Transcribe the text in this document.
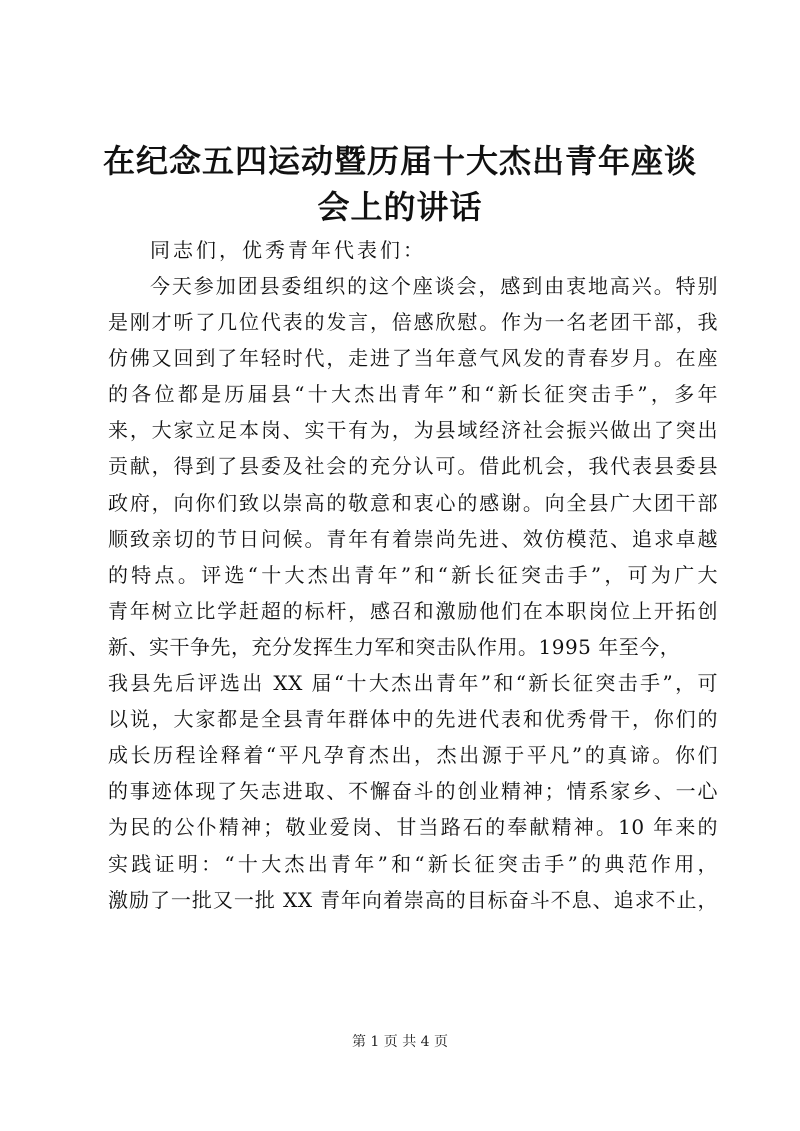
在纪念五四运动暨历届十大杰出青年座谈会上的讲话
同志们，优秀青年代表们：
今天参加团县委组织的这个座谈会，感到由衷地高兴。特别
是刚才听了几位代表的发言，倍感欣慰。作为一名老团干部，我
仿佛又回到了年轻时代，走进了当年意气风发的青春岁月。在座
的各位都是历届县“十大杰出青年”和“新长征突击手”，多年
来，大家立足本岗、实干有为，为县域经济社会振兴做出了突出
贡献，得到了县委及社会的充分认可。借此机会，我代表县委县
政府，向你们致以崇高的敬意和衷心的感谢。向全县广大团干部
顺致亲切的节日问候。青年有着崇尚先进、效仿模范、追求卓越
的特点。评选“十大杰出青年”和“新长征突击手”，可为广大
青年树立比学赶超的标杆，感召和激励他们在本职岗位上开拓创
新、实干争先，充分发挥生力军和突击队作用。1995 年至今，
我县先后评选出 XX 届“十大杰出青年”和“新长征突击手”，可
以说，大家都是全县青年群体中的先进代表和优秀骨干，你们的
成长历程诠释着“平凡孕育杰出，杰出源于平凡”的真谛。你们
的事迹体现了矢志进取、不懈奋斗的创业精神；情系家乡、一心
为民的公仆精神；敬业爱岗、甘当路石的奉献精神。10 年来的
实践证明：“十大杰出青年”和“新长征突击手”的典范作用，
激励了一批又一批 XX 青年向着崇高的目标奋斗不息、追求不止，
第 1 页 共 4 页
